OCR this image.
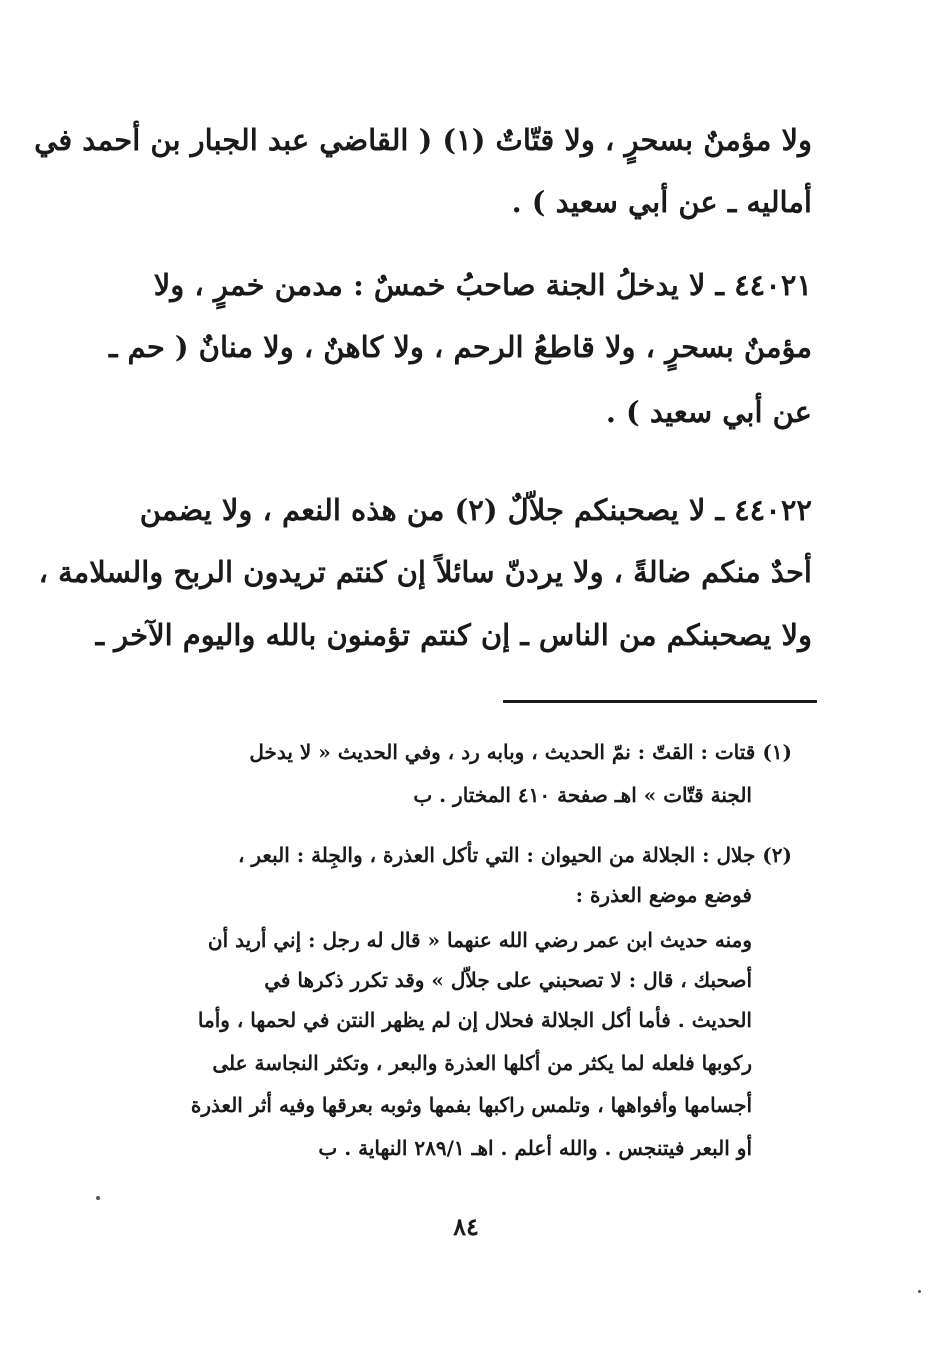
ولا مؤمنٌ بسحرٍ ، ولا قتّاتٌ (١) ( القاضي عبد الجبار بن أحمد في
أماليه ـ عن أبي سعيد ) .
٤٤٠٢١ ـ لا يدخلُ الجنة صاحبُ خمسٌ : مدمن خمرٍ ، ولا
مؤمنٌ بسحرٍ ، ولا قاطعُ الرحم ، ولا كاهنٌ ، ولا منانٌ ( حم ـ
عن أبي سعيد ) .
٤٤٠٢٢ ـ لا يصحبنكم جلاّلٌ (٢) من هذه النعم ، ولا يضمن
أحدٌ منكم ضالةً ، ولا يردنّ سائلاً إن كنتم تريدون الربح والسلامة ،
ولا يصحبنكم من الناس ـ إن كنتم تؤمنون بالله واليوم الآخر ـ
(١) قتات : القتّ : نمّ الحديث ، وبابه رد ، وفي الحديث « لا يدخل
الجنة قتّات » اهـ صفحة ٤١٠ المختار . ب
(٢) جلال : الجلالة من الحيوان : التي تأكل العذرة ، والجِلة : البعر ،
فوضع موضع العذرة :
ومنه حديث ابن عمر رضي الله عنهما « قال له رجل : إني أريد أن
أصحبك ، قال : لا تصحبني على جلاّل » وقد تكرر ذكرها في
الحديث . فأما أكل الجلالة فحلال إن لم يظهر النتن في لحمها ، وأما
ركوبها فلعله لما يكثر من أكلها العذرة والبعر ، وتكثر النجاسة على
أجسامها وأفواهها ، وتلمس راكبها بفمها وثوبه بعرقها وفيه أثر العذرة
أو البعر فيتنجس . والله أعلم . اهـ ٢٨٩/١ النهاية . ب
٨٤
